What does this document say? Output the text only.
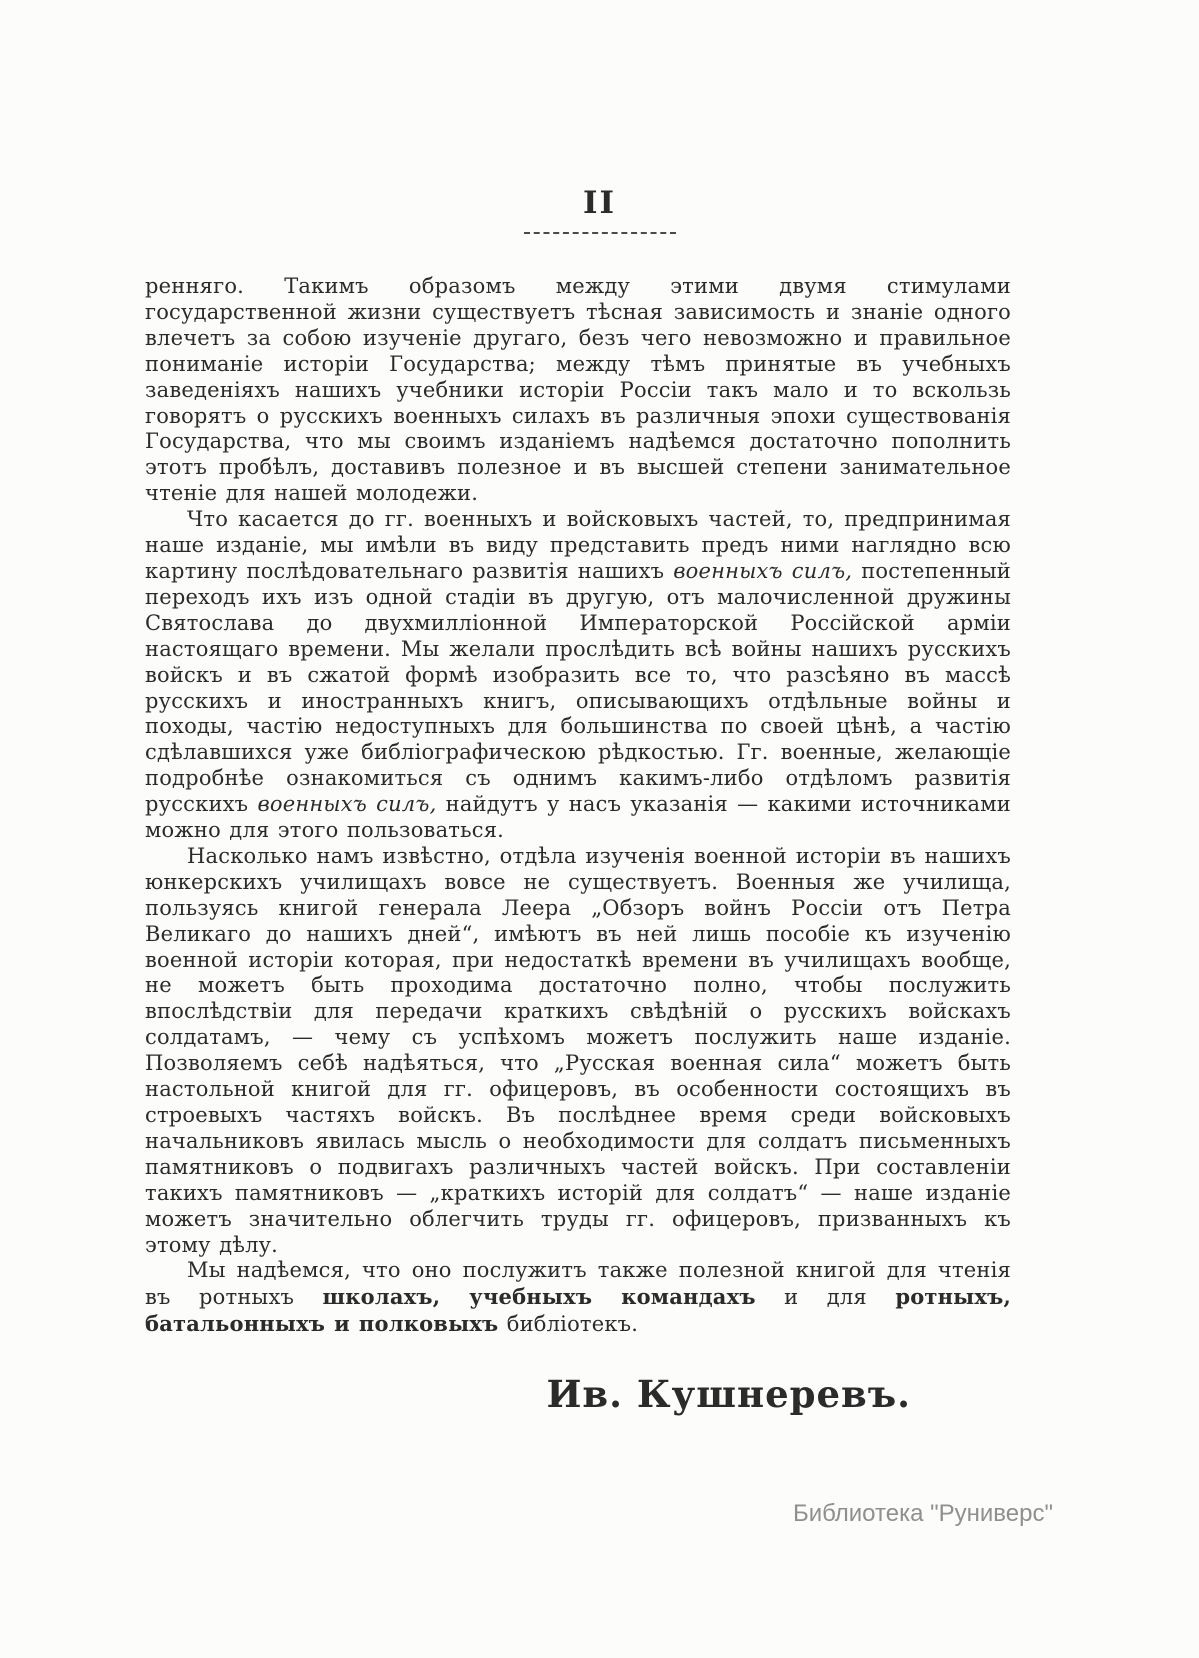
II

ренняго. Такимъ образомъ между этими двумя стимулами государственной жизни существуетъ тѣсная зависимость и знаніе одного влечетъ за собою изученіе другаго, безъ чего невозможно и правильное пониманіе исторіи Государства; между тѣмъ принятые въ учебныхъ заведеніяхъ нашихъ учебники исторіи Россіи такъ мало и то вскользь говорятъ о русскихъ военныхъ силахъ въ различныя эпохи существованія Государства, что мы своимъ изданіемъ надѣемся достаточно пополнить этотъ пробѣлъ, доставивъ полезное и въ высшей степени занимательное чтеніе для нашей молодежи.

Что касается до гг. военныхъ и войсковыхъ частей, то, предпринимая наше изданіе, мы имѣли въ виду представить предъ ними наглядно всю картину послѣдовательнаго развитія нашихъ военныхъ силъ, постепенный переходъ ихъ изъ одной стадіи въ другую, отъ малочисленной дружины Святослава до двухмилліонной Императорской Россійской арміи настоящаго времени. Мы желали прослѣдить всѣ войны нашихъ русскихъ войскъ и въ сжатой формѣ изобразить все то, что разсѣяно въ массѣ русскихъ и иностранныхъ книгъ, описывающихъ отдѣльные войны и походы, частію недоступныхъ для большинства по своей цѣнѣ, а частію сдѣлавшихся уже библіографическою рѣдкостью. Гг. военные, желающіе подробнѣе ознакомиться съ однимъ какимъ-либо отдѣломъ развитія русскихъ военныхъ силъ, найдутъ у насъ указанія — какими источниками можно для этого пользоваться.

Насколько намъ извѣстно, отдѣла изученія военной исторіи въ нашихъ юнкерскихъ училищахъ вовсе не существуетъ. Военныя же училища, пользуясь книгой генерала Леера „Обзоръ войнъ Россіи отъ Петра Великаго до нашихъ дней“, имѣютъ въ ней лишь пособіе къ изученію военной исторіи которая, при недостаткѣ времени въ училищахъ вообще, не можетъ быть проходима достаточно полно, чтобы послужить впослѣдствіи для передачи краткихъ свѣдѣній о русскихъ войскахъ солдатамъ, — чему съ успѣхомъ можетъ послужить наше изданіе. Позволяемъ себѣ надѣяться, что „Русская военная сила“ можетъ быть настольной книгой для гг. офицеровъ, въ особенности состоящихъ въ строевыхъ частяхъ войскъ. Въ послѣднее время среди войсковыхъ начальниковъ явилась мысль о необходимости для солдатъ письменныхъ памятниковъ о подвигахъ различныхъ частей войскъ. При составленіи такихъ памятниковъ — „краткихъ исторій для солдатъ“ — наше изданіе можетъ значительно облегчить труды гг. офицеровъ, призванныхъ къ этому дѣлу.

Мы надѣемся, что оно послужитъ также полезной книгой для чтенія въ ротныхъ школахъ, учебныхъ командахъ и для ротныхъ, батальонныхъ и полковыхъ библіотекъ.

Ив. Кушнеревъ.
Библиотека "Руниверс"
